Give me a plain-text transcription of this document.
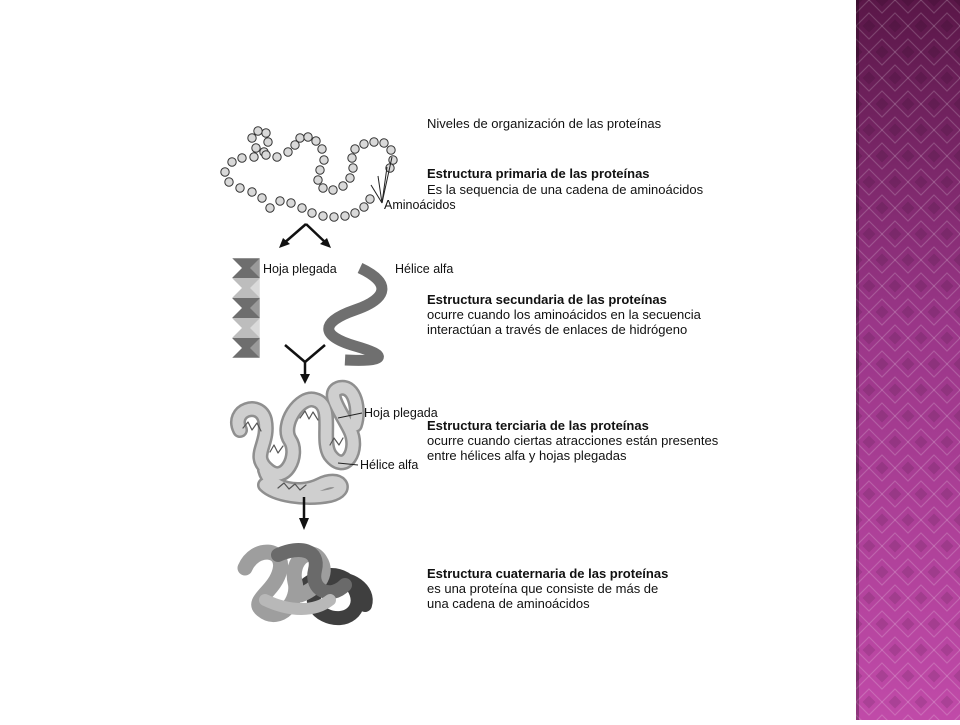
Niveles de organización de las proteínas
Estructura primaria de las proteínas
Es la sequencia de una cadena de aminoácidos
Aminoácidos
Hoja plegada	Hélice alfa
Estructura secundaria de las proteínas
ocurre cuando los aminoácidos en la secuencia
interactúan a través de enlaces de hidrógeno
Hoja plegada
Estructura terciaria de las proteínas
ocurre cuando ciertas atracciones están presentes
entre hélices alfa y hojas plegadas
Hélice alfa
Estructura cuaternaria de las proteínas
es una proteína que consiste de más de
una cadena de aminoácidos
